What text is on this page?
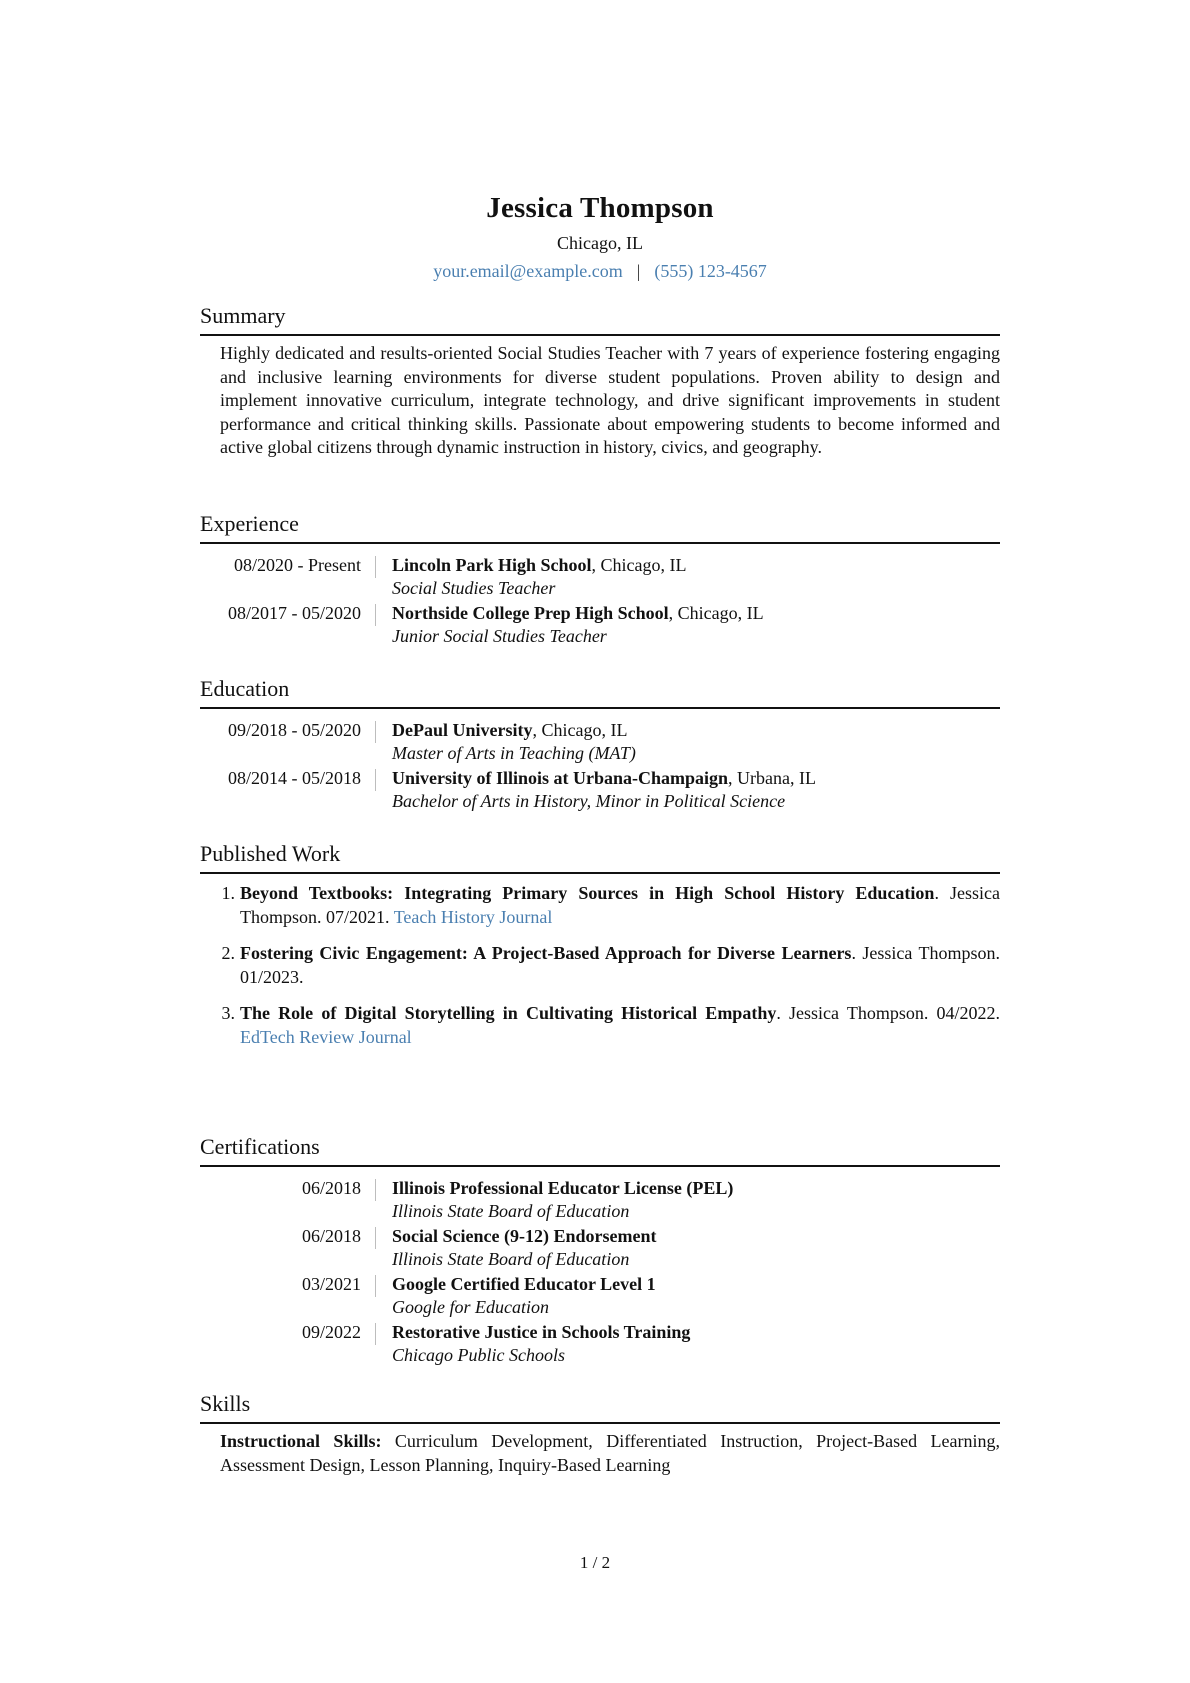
Jessica Thompson
Chicago, IL
your.email@example.com | (555) 123-4567
Summary
Highly dedicated and results-oriented Social Studies Teacher with 7 years of experience fostering engaging and inclusive learning environments for diverse student populations. Proven ability to design and implement innovative curriculum, integrate technology, and drive significant improvements in student performance and critical thinking skills. Passionate about empowering students to become informed and active global citizens through dynamic instruction in history, civics, and geography.
Experience
08/2020 - Present	Lincoln Park High School, Chicago, IL
Social Studies Teacher
08/2017 - 05/2020	Northside College Prep High School, Chicago, IL
Junior Social Studies Teacher
Education
09/2018 - 05/2020	DePaul University, Chicago, IL
Master of Arts in Teaching (MAT)
08/2014 - 05/2018	University of Illinois at Urbana-Champaign, Urbana, IL
Bachelor of Arts in History, Minor in Political Science
Published Work
1. Beyond Textbooks: Integrating Primary Sources in High School History Education. Jessica Thompson. 07/2021. Teach History Journal
2. Fostering Civic Engagement: A Project-Based Approach for Diverse Learners. Jessica Thompson. 01/2023.
3. The Role of Digital Storytelling in Cultivating Historical Empathy. Jessica Thompson. 04/2022. EdTech Review Journal
Certifications
06/2018	Illinois Professional Educator License (PEL)
Illinois State Board of Education
06/2018	Social Science (9-12) Endorsement
Illinois State Board of Education
03/2021	Google Certified Educator Level 1
Google for Education
09/2022	Restorative Justice in Schools Training
Chicago Public Schools
Skills
Instructional Skills: Curriculum Development, Differentiated Instruction, Project-Based Learning, Assessment Design, Lesson Planning, Inquiry-Based Learning
1 / 2
